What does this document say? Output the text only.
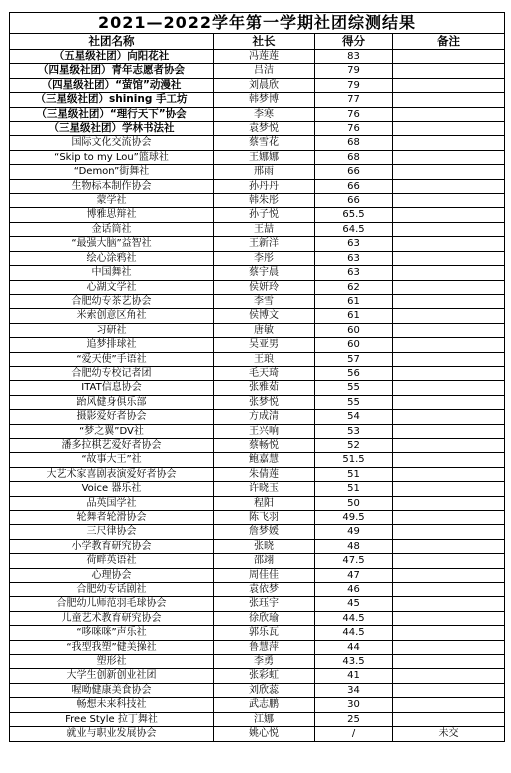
2021—2022学年第一学期社团综测结果			
社团名称	社长	得分	备注
（五星级社团）向阳花社	冯莲莲	83	
（四星级社团）青年志愿者协会	吕洁	79	
（四星级社团）“萤馆”动漫社	刘晨欣	79	
（三星级社团）shining 手工坊	韩梦博	77	
（三星级社团）“理行天下”协会	李寒	76	
（三星级社团）学林书法社	袁梦悦	76	
国际文化交流协会	蔡雪花	68	
“Skip to my Lou”篮球社	王娜娜	68	
“Demon”街舞社	邢雨	66	
生物标本制作协会	孙丹丹	66	
蒙学社	韩朱彤	66	
博雅思辩社	孙子悦	65.5	
金话筒社	王喆	64.5	
“最强大脑”益智社	王新洋	63	
绘心涂鸦社	李彤	63	
中国舞社	蔡宇晨	63	
心湖文学社	侯妍玲	62	
合肥幼专茶艺协会	李雪	61	
米索创意区角社	侯博文	61	
习研社	唐敏	60	
追梦排球社	吴亚男	60	
“爱天使”手语社	王琅	57	
合肥幼专校记者团	毛天琦	56	
ITAT信息协会	张雅茹	55	
跆风健身俱乐部	张梦悦	55	
摄影爱好者协会	方成清	54	
“梦之翼”DV社	王兴响	53	
潘多拉棋艺爱好者协会	蔡畅悦	52	
“故事大王”社	鲍嘉慧	51.5	
大艺术家喜剧表演爱好者协会	朱倩莲	51	
Voice 器乐社	许晓玉	51	
品英国学社	程阳	50	
轮舞者轮滑协会	陈飞羽	49.5	
三尺律协会	詹梦媛	49	
小学教育研究协会	张晓	48	
荷畔英语社	邵翊	47.5	
心理协会	周佳佳	47	
合肥幼专话剧社	袁依梦	46	
合肥幼儿师范羽毛球协会	张珏宇	45	
儿童艺术教育研究协会	徐欣瑜	44.5	
“哆咪咪”声乐社	郭乐瓦	44.5	
“我型我塑”健美操社	鲁慧萍	44	
塑形社	李勇	43.5	
大学生创新创业社团	张彩虹	41	
喔呦健康美食协会	刘欣蕊	34	
畅想未来科技社	武志鹏	30	
Free Style 拉丁舞社	江娜	25	
就业与职业发展协会	姚心悦	/	未交
